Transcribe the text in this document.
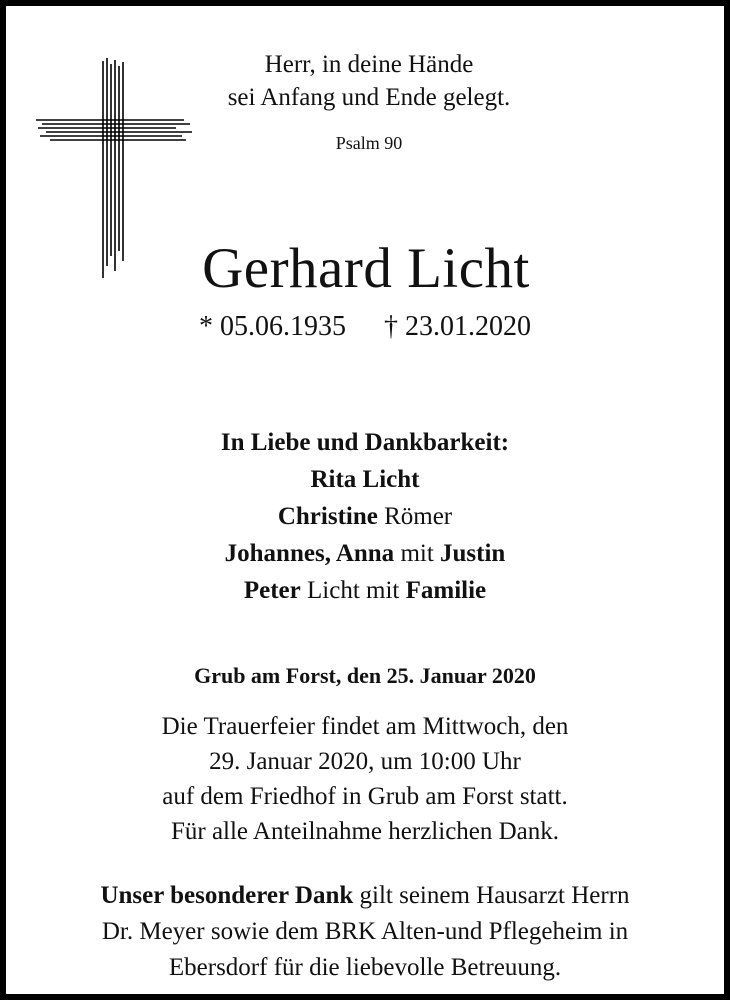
Herr, in deine Hände
sei Anfang und Ende gelegt.
Psalm 90
Gerhard Licht
* 05.06.1935 † 23.01.2020
In Liebe und Dankbarkeit:
Rita Licht
Christine Römer
Johannes, Anna mit Justin
Peter Licht mit Familie
Grub am Forst, den 25. Januar 2020
Die Trauerfeier findet am Mittwoch, den
29. Januar 2020, um 10:00 Uhr
auf dem Friedhof in Grub am Forst statt.
Für alle Anteilnahme herzlichen Dank.
Unser besonderer Dank gilt seinem Hausarzt Herrn
Dr. Meyer sowie dem BRK Alten-und Pflegeheim in
Ebersdorf für die liebevolle Betreuung.
